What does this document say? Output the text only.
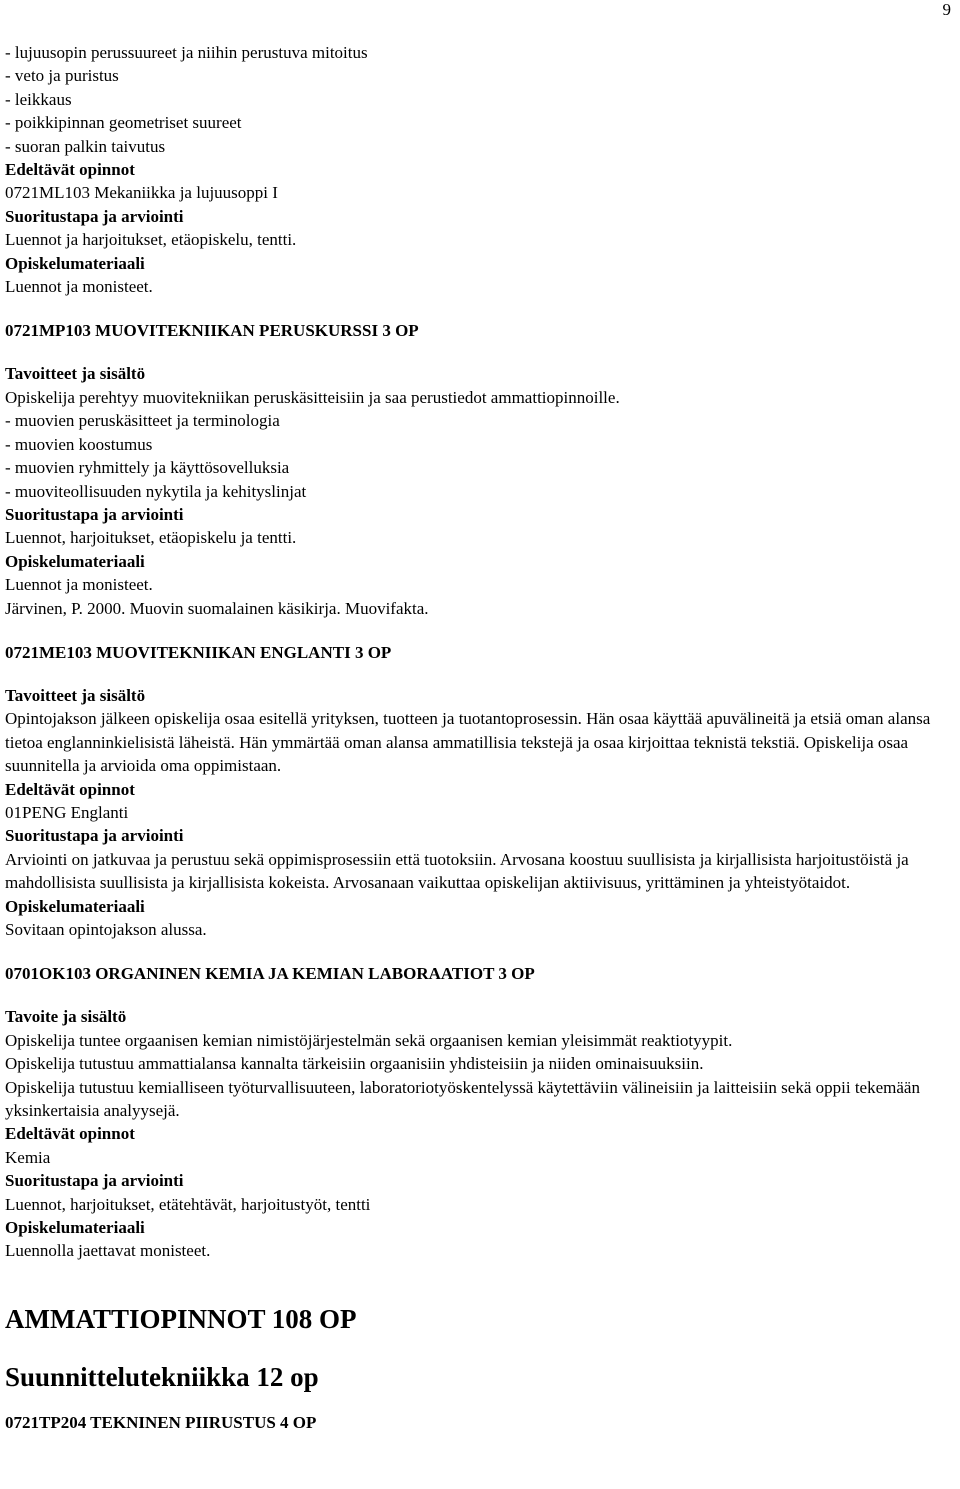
9
- lujuusopin perussuureet ja niihin perustuva mitoitus
- veto ja puristus
- leikkaus
- poikkipinnan geometriset suureet
- suoran palkin taivutus
Edeltävät opinnot
0721ML103 Mekaniikka ja lujuusoppi I
Suoritustapa ja arviointi
Luennot ja harjoitukset, etäopiskelu, tentti.
Opiskelumateriaali
Luennot ja monisteet.
0721MP103 MUOVITEKNIIKAN PERUSKURSSI 3 OP
Tavoitteet ja sisältö
Opiskelija perehtyy muovitekniikan peruskäsitteisiin ja saa perustiedot ammattiopinnoille.
- muovien peruskäsitteet ja terminologia
- muovien koostumus
- muovien ryhmittely ja käyttösovelluksia
- muoviteollisuuden nykytila ja kehityslinjat
Suoritustapa ja arviointi
Luennot, harjoitukset, etäopiskelu ja tentti.
Opiskelumateriaali
Luennot ja monisteet.
Järvinen, P. 2000. Muovin suomalainen käsikirja. Muovifakta.
0721ME103 MUOVITEKNIIKAN ENGLANTI 3 OP
Tavoitteet ja sisältö
Opintojakson jälkeen opiskelija osaa esitellä yrityksen, tuotteen ja tuotantoprosessin. Hän osaa käyttää apuvälineitä ja etsiä oman alansa tietoa englanninkielisistä läheistä. Hän ymmärtää oman alansa ammatillisia tekstejä ja osaa kirjoittaa teknistä tekstiä. Opiskelija osaa suunnitella ja arvioida oma oppimistaan.
Edeltävät opinnot
01PENG Englanti
Suoritustapa ja arviointi
Arviointi on jatkuvaa ja perustuu sekä oppimisprosessiin että tuotoksiin. Arvosana koostuu suullisista ja kirjallisista harjoitustöistä ja mahdollisista suullisista ja kirjallisista kokeista. Arvosanaan vaikuttaa opiskelijan aktiivisuus, yrittäminen ja yhteistyötaidot.
Opiskelumateriaali
Sovitaan opintojakson alussa.
0701OK103 ORGANINEN KEMIA JA KEMIAN LABORAATIOT 3 OP
Tavoite ja sisältö
Opiskelija tuntee orgaanisen kemian nimistöjärjestelmän sekä orgaanisen kemian yleisimmät reaktiotyypit.
Opiskelija tutustuu ammattialansa kannalta tärkeisiin orgaanisiin yhdisteisiin ja niiden ominaisuuksiin.
Opiskelija tutustuu kemialliseen työturvallisuuteen, laboratoriotyöskentelyssä käytettäviin välineisiin ja laitteisiin sekä oppii tekemään yksinkertaisia analyysejä.
Edeltävät opinnot
Kemia
Suoritustapa ja arviointi
Luennot, harjoitukset, etätehtävät, harjoitustyöt, tentti
Opiskelumateriaali
Luennolla jaettavat monisteet.
AMMATTIOPINNOT 108 OP
Suunnittelutekniikka 12 op
0721TP204 TEKNINEN PIIRUSTUS 4 OP
